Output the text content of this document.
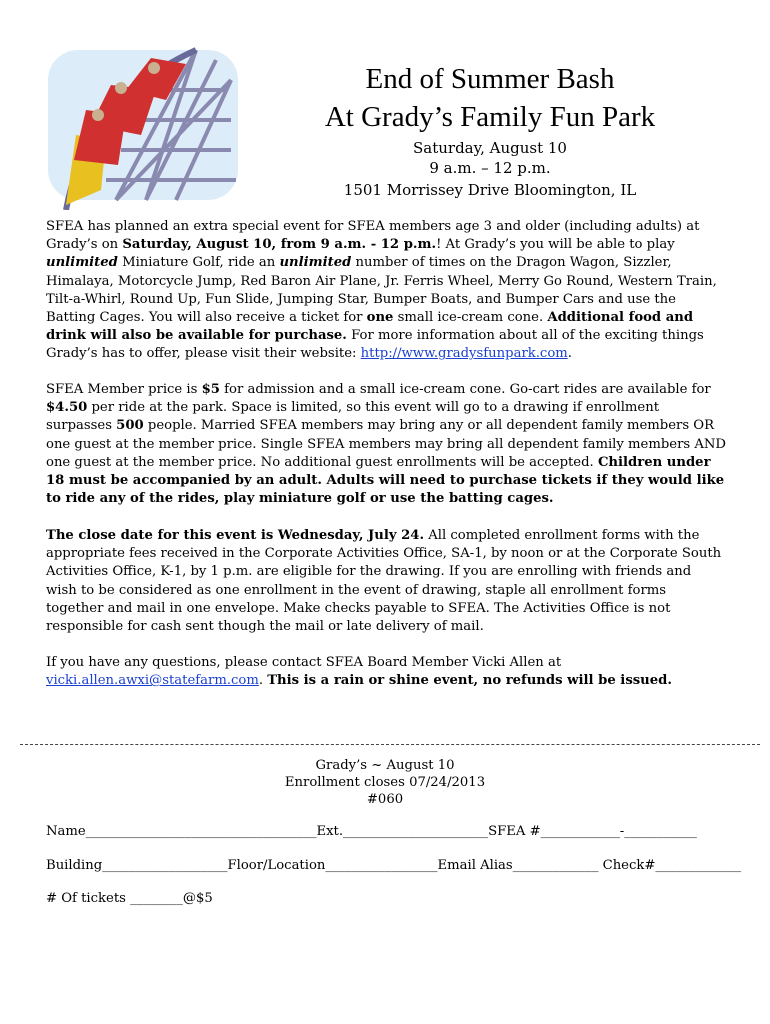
End of Summer Bash
At Grady’s Family Fun Park
Saturday, August 10
9 a.m. – 12 p.m.
1501 Morrissey Drive Bloomington, IL

SFEA has planned an extra special event for SFEA members age 3 and older (including adults) at Grady’s on Saturday, August 10, from 9 a.m. - 12 p.m.! At Grady’s you will be able to play unlimited Miniature Golf, ride an unlimited number of times on the Dragon Wagon, Sizzler, Himalaya, Motorcycle Jump, Red Baron Air Plane, Jr. Ferris Wheel, Merry Go Round, Western Train, Tilt-a-Whirl, Round Up, Fun Slide, Jumping Star, Bumper Boats, and Bumper Cars and use the Batting Cages. You will also receive a ticket for one small ice-cream cone. Additional food and drink will also be available for purchase. For more information about all of the exciting things Grady’s has to offer, please visit their website: http://www.gradysfunpark.com.

SFEA Member price is $5 for admission and a small ice-cream cone. Go-cart rides are available for $4.50 per ride at the park. Space is limited, so this event will go to a drawing if enrollment surpasses 500 people. Married SFEA members may bring any or all dependent family members OR one guest at the member price. Single SFEA members may bring all dependent family members AND one guest at the member price. No additional guest enrollments will be accepted. Children under 18 must be accompanied by an adult. Adults will need to purchase tickets if they would like to ride any of the rides, play miniature golf or use the batting cages.

The close date for this event is Wednesday, July 24. All completed enrollment forms with the appropriate fees received in the Corporate Activities Office, SA-1, by noon or at the Corporate South Activities Office, K-1, by 1 p.m. are eligible for the drawing. If you are enrolling with friends and wish to be considered as one enrollment in the event of drawing, staple all enrollment forms together and mail in one envelope. Make checks payable to SFEA. The Activities Office is not responsible for cash sent though the mail or late delivery of mail.

If you have any questions, please contact SFEA Board Member Vicki Allen at vicki.allen.awxi@statefarm.com. This is a rain or shine event, no refunds will be issued.

Grady’s ~ August 10
Enrollment closes 07/24/2013
#060
Name___________________________________Ext.______________________SFEA #____________-___________
Building___________________Floor/Location_________________Email Alias_____________ Check#_____________
# Of tickets ________@$5
